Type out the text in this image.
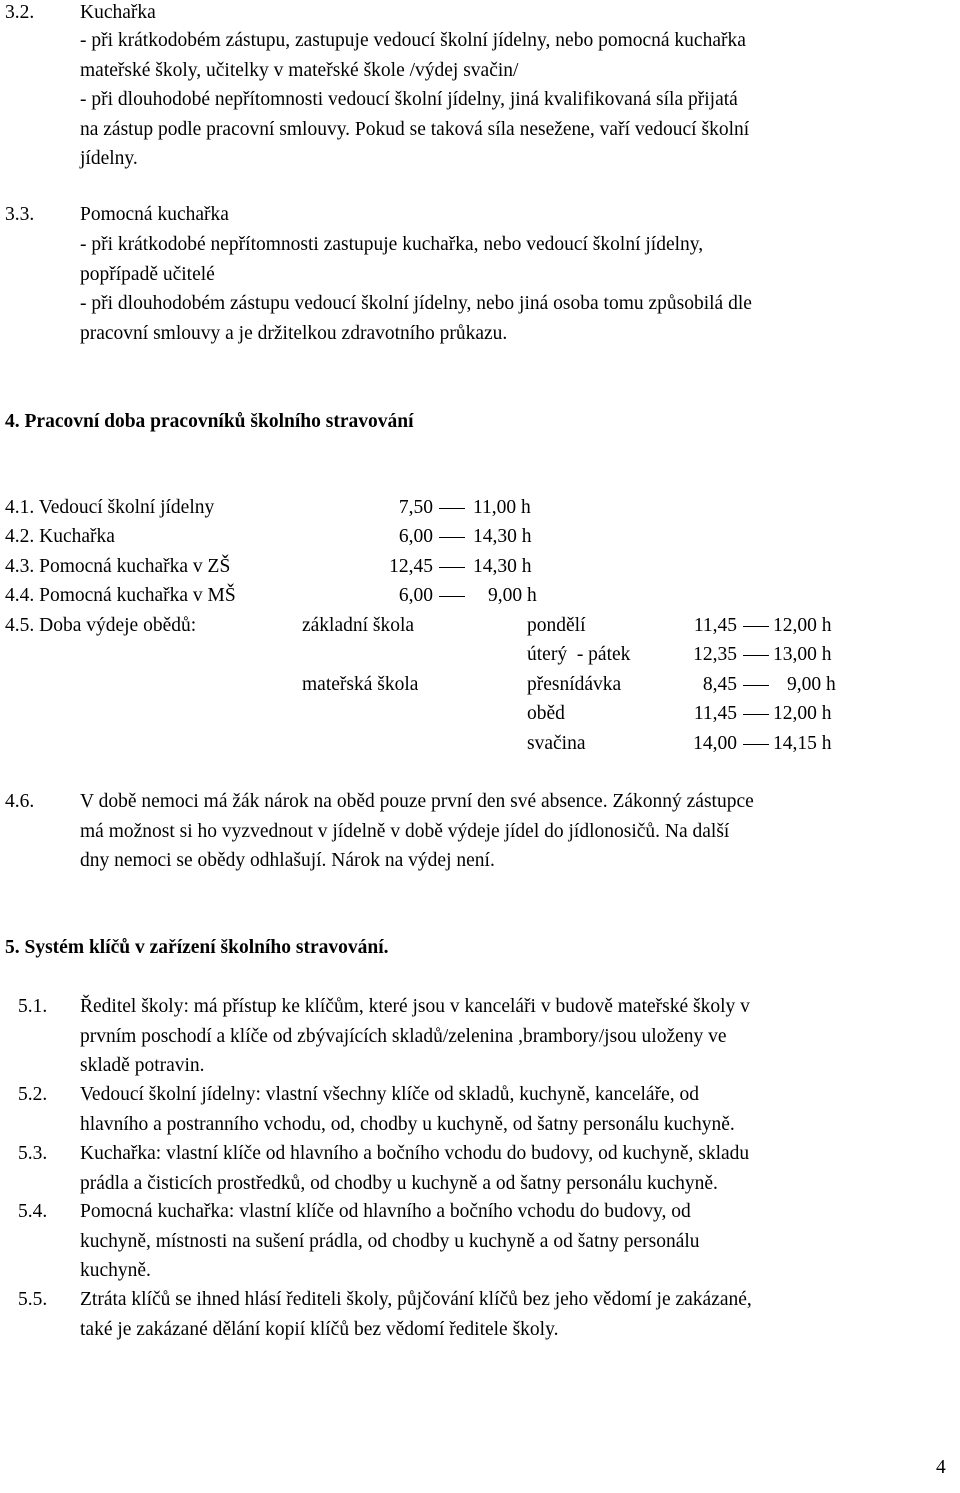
3.2. Kuchařka
- při krátkodobém zástupu, zastupuje vedoucí školní jídelny, nebo pomocná kuchařka
mateřské školy, učitelky v mateřské škole /výdej svačin/
- při dlouhodobé nepřítomnosti vedoucí školní jídelny, jiná kvalifikovaná síla přijatá
na zástup podle pracovní smlouvy. Pokud se taková síla nesežene, vaří vedoucí školní
jídelny.
3.3. Pomocná kuchařka
- při krátkodobé nepřítomnosti zastupuje kuchařka, nebo vedoucí školní jídelny,
popřípadě učitelé
- při dlouhodobém zástupu vedoucí školní jídelny, nebo jiná osoba tomu způsobilá dle
pracovní smlouvy a je držitelkou zdravotního průkazu.
4. Pracovní doba pracovníků školního stravování
4.1. Vedoucí školní jídelny	7,50 11,00 h
4.2. Kuchařka	6,00 14,30 h
4.3. Pomocná kuchařka v ZŠ	12,45 14,30 h
4.4. Pomocná kuchařka v MŠ	6,00	9,00 h
4.5. Doba výdeje obědů:	základní škola	pondělí	11,45 12,00 h
úterý  - pátek	12,35 13,00 h
mateřská škola	přesnídávka	8,45	9,00 h
oběd	11,45 12,00 h
svačina	14,00 14,15 h
4.6. V době nemoci má žák nárok na oběd pouze první den své absence. Zákonný zástupce
má možnost si ho vyzvednout v jídelně v době výdeje jídel do jídlonosičů. Na další
dny nemoci se obědy odhlašují. Nárok na výdej není.
5. Systém klíčů v zařízení školního stravování.
5.1. Ředitel školy: má přístup ke klíčům, které jsou v kanceláři v budově mateřské školy v
prvním poschodí a klíče od zbývajících skladů/zelenina ,brambory/jsou uloženy ve
skladě potravin.
5.2. Vedoucí školní jídelny: vlastní všechny klíče od skladů, kuchyně, kanceláře, od
hlavního a postranního vchodu, od, chodby u kuchyně, od šatny personálu kuchyně.
5.3. Kuchařka: vlastní klíče od hlavního a bočního vchodu do budovy, od kuchyně, skladu
prádla a čisticích prostředků, od chodby u kuchyně a od šatny personálu kuchyně.
5.4. Pomocná kuchařka: vlastní klíče od hlavního a bočního vchodu do budovy, od
kuchyně, místnosti na sušení prádla, od chodby u kuchyně a od šatny personálu
kuchyně.
5.5. Ztráta klíčů se ihned hlásí řediteli školy, půjčování klíčů bez jeho vědomí je zakázané,
také je zakázané dělání kopií klíčů bez vědomí ředitele školy.
4
